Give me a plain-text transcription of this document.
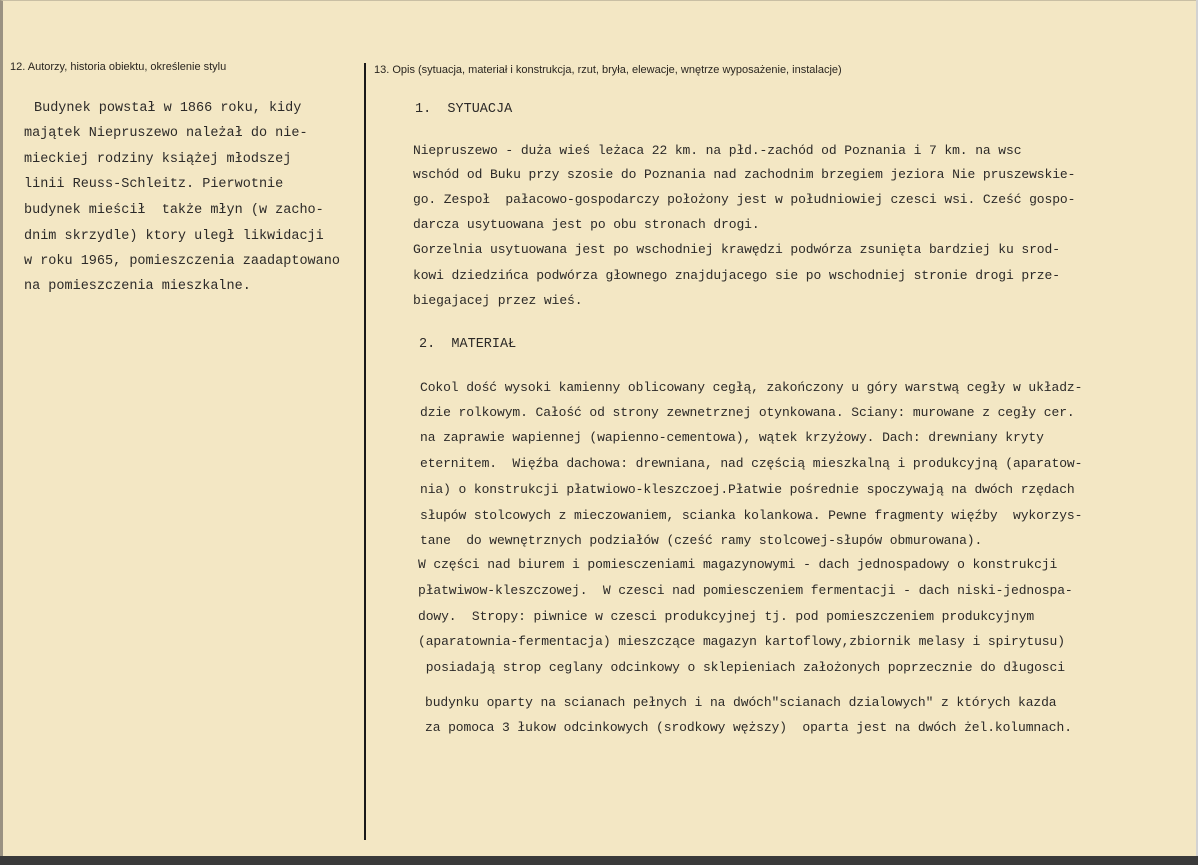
12. Autorzy, historia obiektu, określenie stylu	13. Opis (sytuacja, materiał i konstrukcja, rzut, bryła, elewacje, wnętrze wyposażenie, instalacje)
Budynek powstał w 1866 roku, kidy
majątek Niepruszewo należał do nie-
mieckiej rodziny książej młodszej
linii Reuss-Schleitz. Pierwotnie
budynek mieścił  także młyn (w zacho-
dnim skrzydle) ktory uległ likwidacji
w roku 1965, pomieszczenia zaadaptowano
na pomieszczenia mieszkalne.
1.  SYTUACJA
Niepruszewo - duża wieś leżaca 22 km. na płd.-zachód od Poznania i 7 km. na wsc
wschód od Buku przy szosie do Poznania nad zachodnim brzegiem jeziora Nie pruszewskie-
go. Zespoł  pałacowo-gospodarczy położony jest w południowiej czesci wsi. Cześć gospo-
darcza usytuowana jest po obu stronach drogi.
Gorzelnia usytuowana jest po wschodniej krawędzi podwórza zsunięta bardziej ku srod-
kowi dziedzińca podwórza głownego znajdujacego sie po wschodniej stronie drogi prze-
biegajacej przez wieś.
2.  MATERIAŁ
Cokol dość wysoki kamienny oblicowany cegłą, zakończony u góry warstwą cegły w układz-
dzie rolkowym. Całość od strony zewnetrznej otynkowana. Sciany: murowane z cegły cer.
na zaprawie wapiennej (wapienno-cementowa), wątek krzyżowy. Dach: drewniany kryty
eternitem.  Więźba dachowa: drewniana, nad częścią mieszkalną i produkcyjną (aparatow-
nia) o konstrukcji płatwiowo-kleszczoej.Płatwie pośrednie spoczywają na dwóch rzędach
słupów stolcowych z mieczowaniem, scianka kolankowa. Pewne fragmenty więźby  wykorzys-
tane  do wewnętrznych podziałów (cześć ramy stolcowej-słupów obmurowana).
W części nad biurem i pomiesczeniami magazynowymi - dach jednospadowy o konstrukcji
płatwiwow-kleszczowej.  W czesci nad pomiesczeniem fermentacji - dach niski-jednospa-
dowy.  Stropy: piwnice w czesci produkcyjnej tj. pod pomieszczeniem produkcyjnym
(aparatownia-fermentacja) mieszczące magazyn kartoflowy,zbiornik melasy i spirytusu)
posiadają strop ceglany odcinkowy o sklepieniach założonych poprzecznie do długosci
budynku oparty na scianach pełnych i na dwóch"scianach dzialowych" z których kazda
za pomoca 3 łukow odcinkowych (srodkowy węższy)  oparta jest na dwóch żel.kolumnach.
